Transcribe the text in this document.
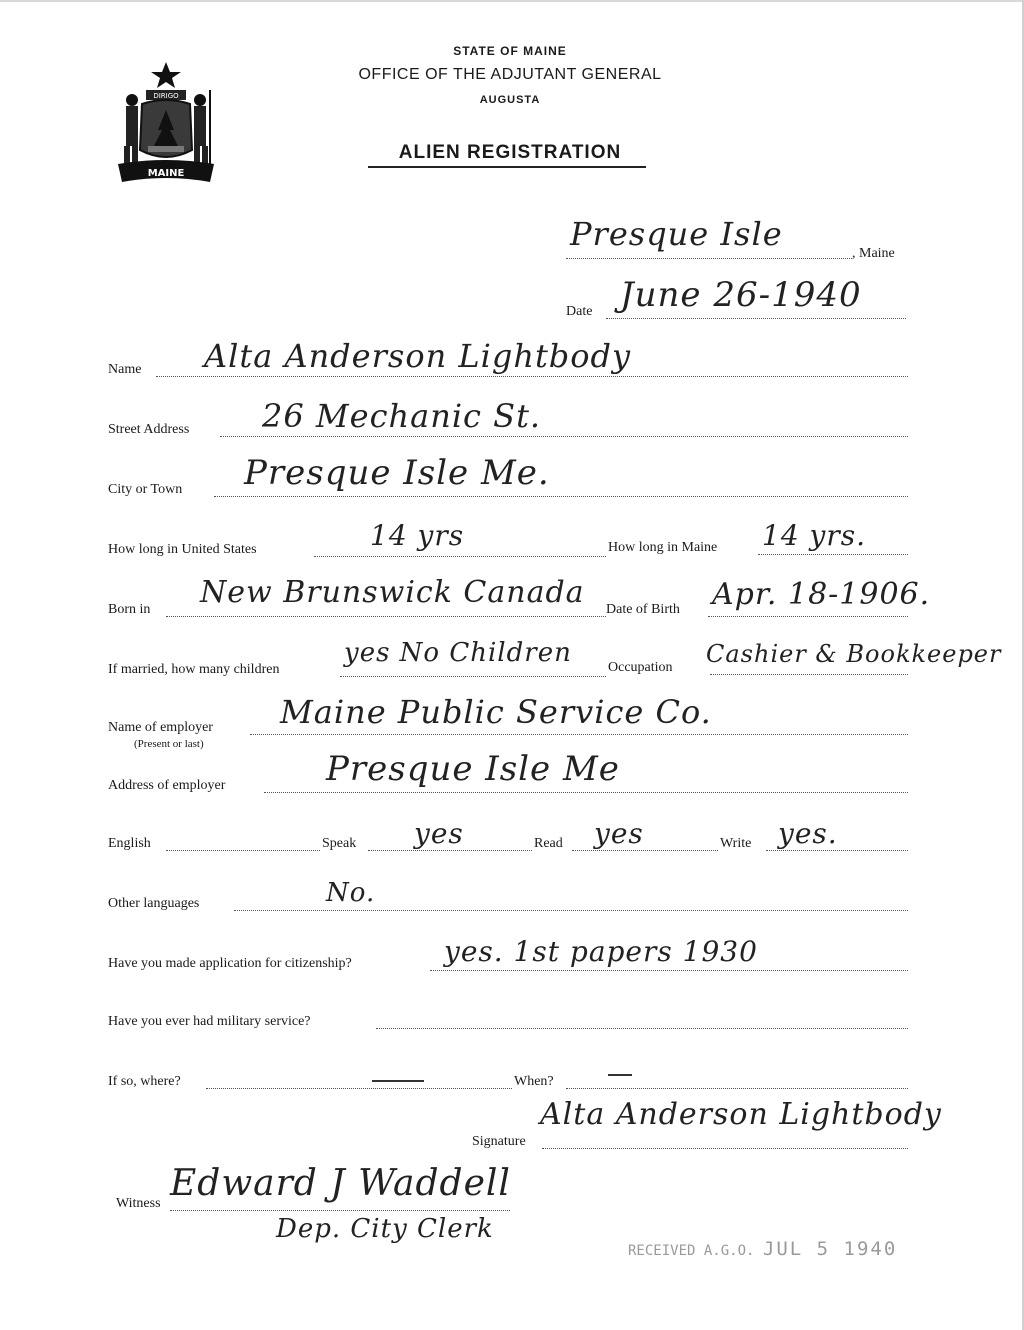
DIRIGO
MAINE
STATE OF MAINE
OFFICE OF THE ADJUTANT GENERAL
AUGUSTA
ALIEN REGISTRATION
Presque Isle
, Maine
Date June 26-1940
Name Alta Anderson Lightbody
Street Address 26 Mechanic St.
City or Town Presque Isle Me.
How long in United States	14 yrs	How long in Maine 14 yrs.
Born in New Brunswick Canada Date of Birth Apr. 18-1906.
If married, how many children
yes No Children	Occupation Cashier & Bookkeeper
Name of employer
(Present or last)
Maine Public Service Co.
Address of employer	Presque Isle Me
English	Speak yes	Read yes	Write yes.
Other languages	No.
Have you made application for citizenship?	yes. 1st papers 1930
Have you ever had military service?
If so, where?	When?
Signature
Alta Anderson Lightbody
Witness Edward J Waddell
Dep. City Clerk
RECEIVED A.G.O. JUL 5 1940
